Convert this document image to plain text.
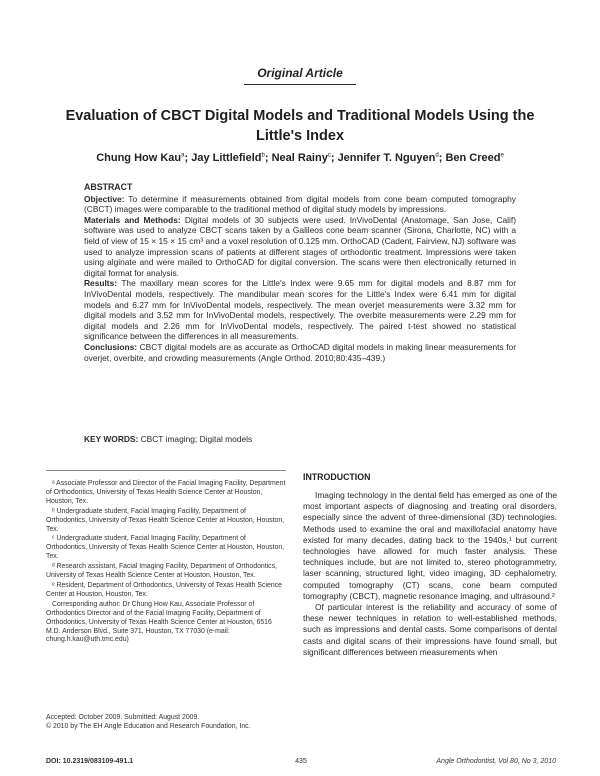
Original Article
Evaluation of CBCT Digital Models and Traditional Models Using the Little's Index
Chung How Kau$^a$; Jay Littlefield$^b$; Neal Rainy$^c$; Jennifer T. Nguyen$^d$; Ben Creed$^e$
ABSTRACT

Objective: To determine if measurements obtained from digital models from cone beam computed tomography (CBCT) images were comparable to the traditional method of digital study models by impressions.

Materials and Methods: Digital models of 30 subjects were used. InVivoDental (Anatomage, San Jose, Calif) software was used to analyze CBCT scans taken by a Galileos cone beam scanner (Sirona, Charlotte, NC) with a field of view of 15 × 15 × 15 cm³ and a voxel resolution of 0.125 mm. OrthoCAD (Cadent, Fairview, NJ) software was used to analyze impression scans of patients at different stages of orthodontic treatment. Impressions were taken using alginate and were mailed to OrthoCAD for digital conversion. The scans were then electronically returned in digital format for analysis.

Results: The maxillary mean scores for the Little's Index were 9.65 mm for digital models and 8.87 mm for InVivoDental models, respectively. The mandibular mean scores for the Little's Index were 6.41 mm for digital models and 6.27 mm for InVivoDental models, respectively. The mean overjet measurements were 3.32 mm for digital models and 3.52 mm for InVivoDental models, respectively. The overbite measurements were 2.29 mm for digital models and 2.26 mm for InVivoDental models, respectively. The paired t-test showed no statistical significance between the differences in all measurements.

Conclusions: CBCT digital models are as accurate as OrthoCAD digital models in making linear measurements for overjet, overbite, and crowding measurements (Angle Orthod. 2010;80:435–439.)

KEY WORDS: CBCT imaging; Digital models

ᵃ Associate Professor and Director of the Facial Imaging Facility, Department of Orthodontics, University of Texas Health Science Center at Houston, Houston, Tex.

ᵇ Undergraduate student, Facial Imaging Facility, Department of Orthodontics, University of Texas Health Science Center at Houston, Houston, Tex.

ᶜ Undergraduate student, Facial Imaging Facility, Department of Orthodontics, University of Texas Health Science Center at Houston, Houston, Tex.

ᵈ Research assistant, Facial Imaging Facility, Department of Orthodontics, University of Texas Health Science Center at Houston, Houston, Tex.

ᵉ Resident, Department of Orthodontics, University of Texas Health Science Center at Houston, Houston, Tex.

Corresponding author: Dr Chung How Kau, Associate Professor of Orthodontics Director and of the Facial Imaging Facility, Department of Orthodontics, University of Texas Health Science Center at Houston, 6516 M.D. Anderson Blvd., Suite 371, Houston, TX 77030 (e-mail: chung.h.kau@uth.tmc.edu)

Accepted: October 2009. Submitted: August 2009.
© 2010 by The EH Angle Education and Research Foundation, Inc.
INTRODUCTION

Imaging technology in the dental field has emerged as one of the most important aspects of diagnosing and treating oral disorders, especially since the advent of three-dimensional (3D) technologies. Methods used to examine the oral and maxillofacial anatomy have existed for many decades, dating back to the 1940s,¹ but current technologies have allowed for much faster analysis. These techniques include, but are not limited to, stereo photogrammetry, laser scanning, structured light, video imaging, 3D cephalometry, computed tomography (CT) scans, cone beam computed tomography (CBCT), magnetic resonance imaging, and ultrasound.²

Of particular interest is the reliability and accuracy of some of these newer techniques in relation to well-established methods, such as impressions and dental casts. Some comparisons of dental casts and digital scans of their impressions have found small, but significant differences between measurements when

DOI: 10.2319/083109-491.1	435	Angle Orthodontist, Vol 80, No 3, 2010
